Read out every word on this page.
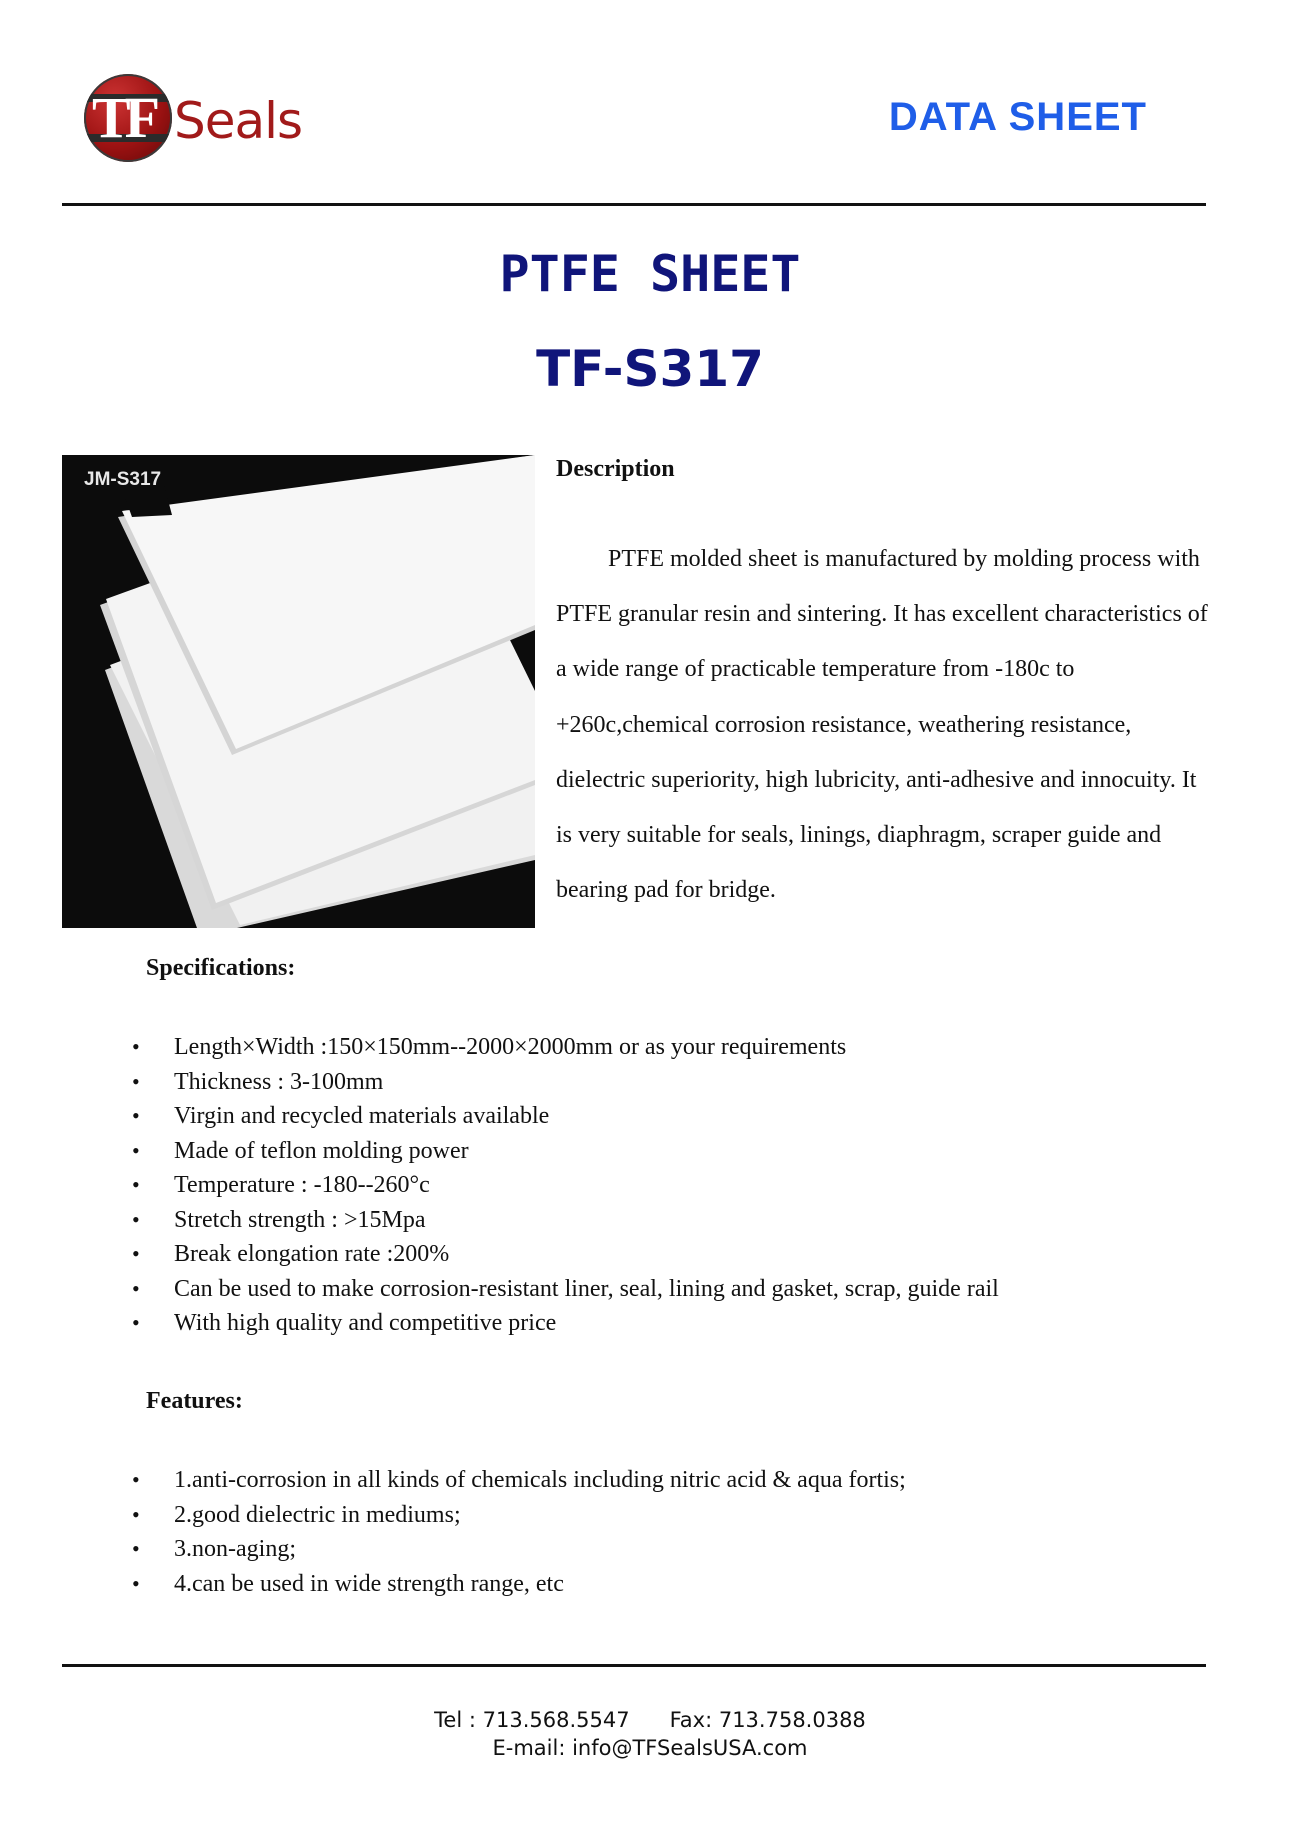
TF Seals	DATA SHEET
PTFE SHEET
TF-S317
JM-S317	Description
PTFE molded sheet is manufactured by molding process with PTFE granular resin and sintering. It has excellent characteristics of a wide range of practicable temperature from -180c to +260c,chemical corrosion resistance, weathering resistance, dielectric superiority, high lubricity, anti-adhesive and innocuity. It is very suitable for seals, linings, diaphragm, scraper guide and bearing pad for bridge.
Specifications:
• Length×Width :150×150mm--2000×2000mm or as your requirements
• Thickness : 3-100mm
• Virgin and recycled materials available
• Made of teflon molding power
• Temperature : -180--260°c
• Stretch strength : >15Mpa
• Break elongation rate :200%
• Can be used to make corrosion-resistant liner, seal, lining and gasket, scrap, guide rail
• With high quality and competitive price
Features:
• 1.anti-corrosion in all kinds of chemicals including nitric acid & aqua fortis;
• 2.good dielectric in mediums;
• 3.non-aging;
• 4.can be used in wide strength range, etc
Tel : 713.568.5547 Fax: 713.758.0388
E-mail: info@TFSealsUSA.com
